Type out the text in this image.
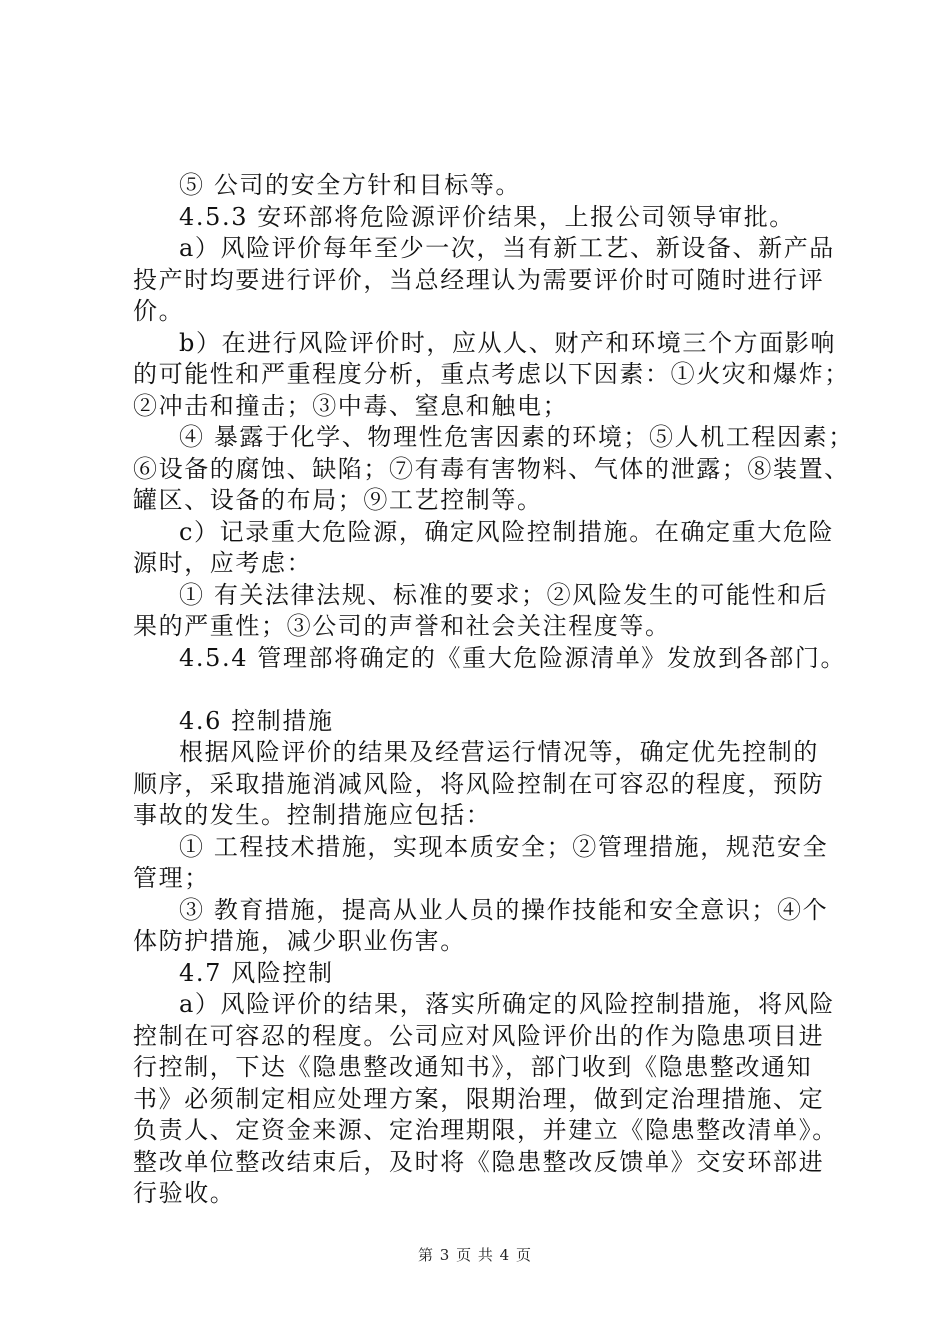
⑤ 公司的安全方针和目标等。
4.5.3 安环部将危险源评价结果，上报公司领导审批。
a）风险评价每年至少一次，当有新工艺、新设备、新产品
投产时均要进行评价，当总经理认为需要评价时可随时进行评
价。
b）在进行风险评价时，应从人、财产和环境三个方面影响
的可能性和严重程度分析，重点考虑以下因素：①火灾和爆炸；
②冲击和撞击；③中毒、窒息和触电；
④ 暴露于化学、物理性危害因素的环境；⑤人机工程因素；
⑥设备的腐蚀、缺陷；⑦有毒有害物料、气体的泄露；⑧装置、
罐区、设备的布局；⑨工艺控制等。
c）记录重大危险源，确定风险控制措施。在确定重大危险
源时，应考虑：
① 有关法律法规、标准的要求；②风险发生的可能性和后
果的严重性；③公司的声誉和社会关注程度等。
4.5.4 管理部将确定的《重大危险源清单》发放到各部门。
4.6 控制措施
根据风险评价的结果及经营运行情况等，确定优先控制的
顺序，采取措施消减风险，将风险控制在可容忍的程度，预防
事故的发生。控制措施应包括：
① 工程技术措施，实现本质安全；②管理措施，规范安全
管理；
③ 教育措施，提高从业人员的操作技能和安全意识；④个
体防护措施，减少职业伤害。
4.7 风险控制
a）风险评价的结果，落实所确定的风险控制措施，将风险
控制在可容忍的程度。公司应对风险评价出的作为隐患项目进
行控制，下达《隐患整改通知书》，部门收到《隐患整改通知
书》必须制定相应处理方案，限期治理，做到定治理措施、定
负责人、定资金来源、定治理期限，并建立《隐患整改清单》。
整改单位整改结束后，及时将《隐患整改反馈单》交安环部进
行验收。
第 3 页 共 4 页
